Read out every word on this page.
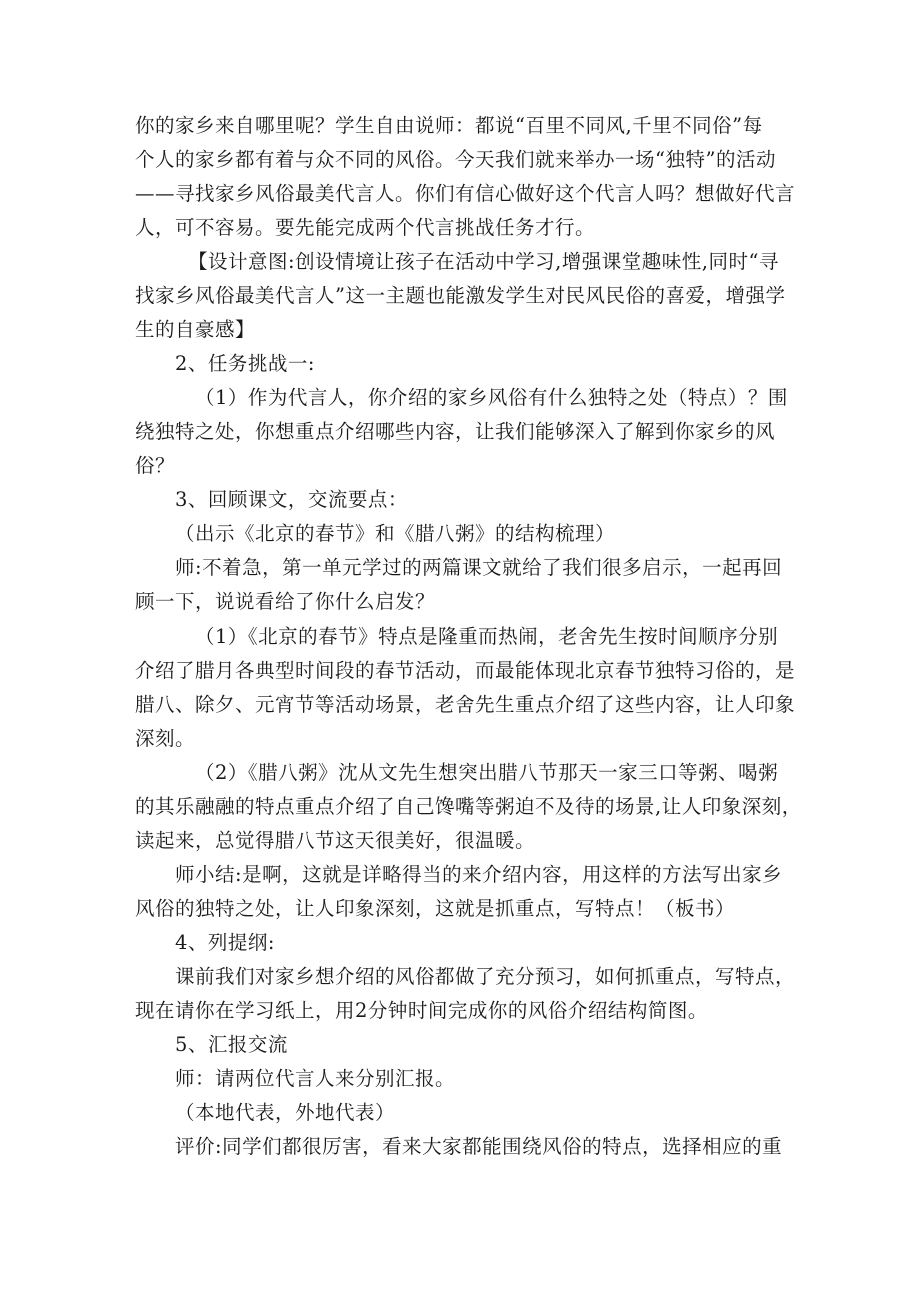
你的家乡来自哪里呢？学生自由说师：都说“百里不同风,千里不同俗”每
个人的家乡都有着与众不同的风俗。今天我们就来举办一场“独特”的活动
——寻找家乡风俗最美代言人。你们有信心做好这个代言人吗？想做好代言
人，可不容易。要先能完成两个代言挑战任务才行。
【设计意图:创设情境让孩子在活动中学习,增强课堂趣味性,同时“寻
找家乡风俗最美代言人”这一主题也能激发学生对民风民俗的喜爱，增强学
生的自豪感】
2、任务挑战一:
（1）作为代言人，你介绍的家乡风俗有什么独特之处（特点）？围
绕独特之处，你想重点介绍哪些内容，让我们能够深入了解到你家乡的风
俗？
3、回顾课文，交流要点：
（出示《北京的春节》和《腊八粥》的结构梳理）
师:不着急，第一单元学过的两篇课文就给了我们很多启示，一起再回
顾一下，说说看给了你什么启发？
（1）《北京的春节》特点是隆重而热闹，老舍先生按时间顺序分别
介绍了腊月各典型时间段的春节活动，而最能体现北京春节独特习俗的，是
腊八、除夕、元宵节等活动场景，老舍先生重点介绍了这些内容，让人印象
深刻。
（2）《腊八粥》沈从文先生想突出腊八节那天一家三口等粥、喝粥
的其乐融融的特点重点介绍了自己馋嘴等粥迫不及待的场景,让人印象深刻，
读起来，总觉得腊八节这天很美好，很温暖。
师小结:是啊，这就是详略得当的来介绍内容，用这样的方法写出家乡
风俗的独特之处，让人印象深刻，这就是抓重点，写特点！（板书）
4、列提纲:
课前我们对家乡想介绍的风俗都做了充分预习，如何抓重点，写特点，
现在请你在学习纸上，用2分钟时间完成你的风俗介绍结构简图。
5、汇报交流
师：请两位代言人来分别汇报。
（本地代表，外地代表）
评价:同学们都很厉害，看来大家都能围绕风俗的特点，选择相应的重
